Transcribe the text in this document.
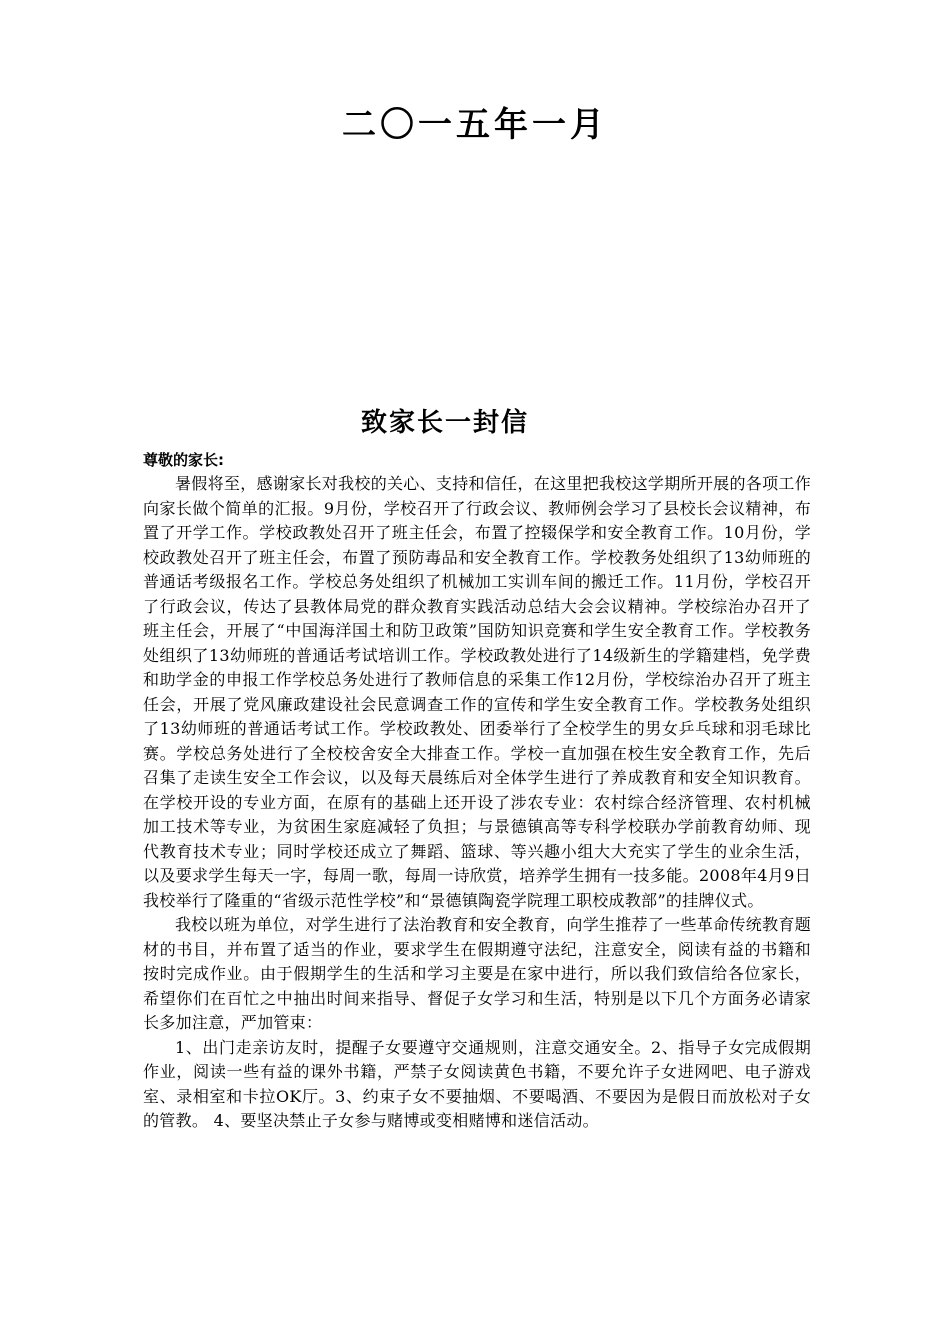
二〇一五年一月
致家长一封信

尊敬的家长:

暑假将至，感谢家长对我校的关心、支持和信任，在这里把我校这学期所开展的各项工作向家长做个简单的汇报。9月份，学校召开了行政会议、教师例会学习了县校长会议精神，布置了开学工作。学校政教处召开了班主任会，布置了控辍保学和安全教育工作。10月份，学校政教处召开了班主任会，布置了预防毒品和安全教育工作。学校教务处组织了13幼师班的普通话考级报名工作。学校总务处组织了机械加工实训车间的搬迁工作。11月份，学校召开了行政会议，传达了县教体局党的群众教育实践活动总结大会会议精神。学校综治办召开了班主任会，开展了“中国海洋国土和防卫政策”国防知识竞赛和学生安全教育工作。学校教务处组织了13幼师班的普通话考试培训工作。学校政教处进行了14级新生的学籍建档，免学费和助学金的申报工作学校总务处进行了教师信息的采集工作12月份，学校综治办召开了班主任会，开展了党风廉政建设社会民意调查工作的宣传和学生安全教育工作。学校教务处组织了13幼师班的普通话考试工作。学校政教处、团委举行了全校学生的男女乒乓球和羽毛球比赛。学校总务处进行了全校校舍安全大排查工作。学校一直加强在校生安全教育工作，先后召集了走读生安全工作会议，以及每天晨练后对全体学生进行了养成教育和安全知识教育。在学校开设的专业方面，在原有的基础上还开设了涉农专业：农村综合经济管理、农村机械加工技术等专业，为贫困生家庭减轻了负担；与景德镇高等专科学校联办学前教育幼师、现代教育技术专业；同时学校还成立了舞蹈、篮球、等兴趣小组大大充实了学生的业余生活，以及要求学生每天一字，每周一歌，每周一诗欣赏，培养学生拥有一技多能。2008年4月9日我校举行了隆重的“省级示范性学校”和“景德镇陶瓷学院理工职校成教部”的挂牌仪式。

我校以班为单位，对学生进行了法治教育和安全教育，向学生推荐了一些革命传统教育题材的书目，并布置了适当的作业，要求学生在假期遵守法纪，注意安全，阅读有益的书籍和按时完成作业。由于假期学生的生活和学习主要是在家中进行，所以我们致信给各位家长，希望你们在百忙之中抽出时间来指导、督促子女学习和生活，特别是以下几个方面务必请家长多加注意，严加管束：

1、出门走亲访友时，提醒子女要遵守交通规则，注意交通安全。2、指导子女完成假期作业，阅读一些有益的课外书籍，严禁子女阅读黄色书籍，不要允许子女进网吧、电子游戏室、录相室和卡拉OK厅。3、约束子女不要抽烟、不要喝酒、不要因为是假日而放松对子女的管教。 4、要坚决禁止子女参与赌博或变相赌博和迷信活动。
